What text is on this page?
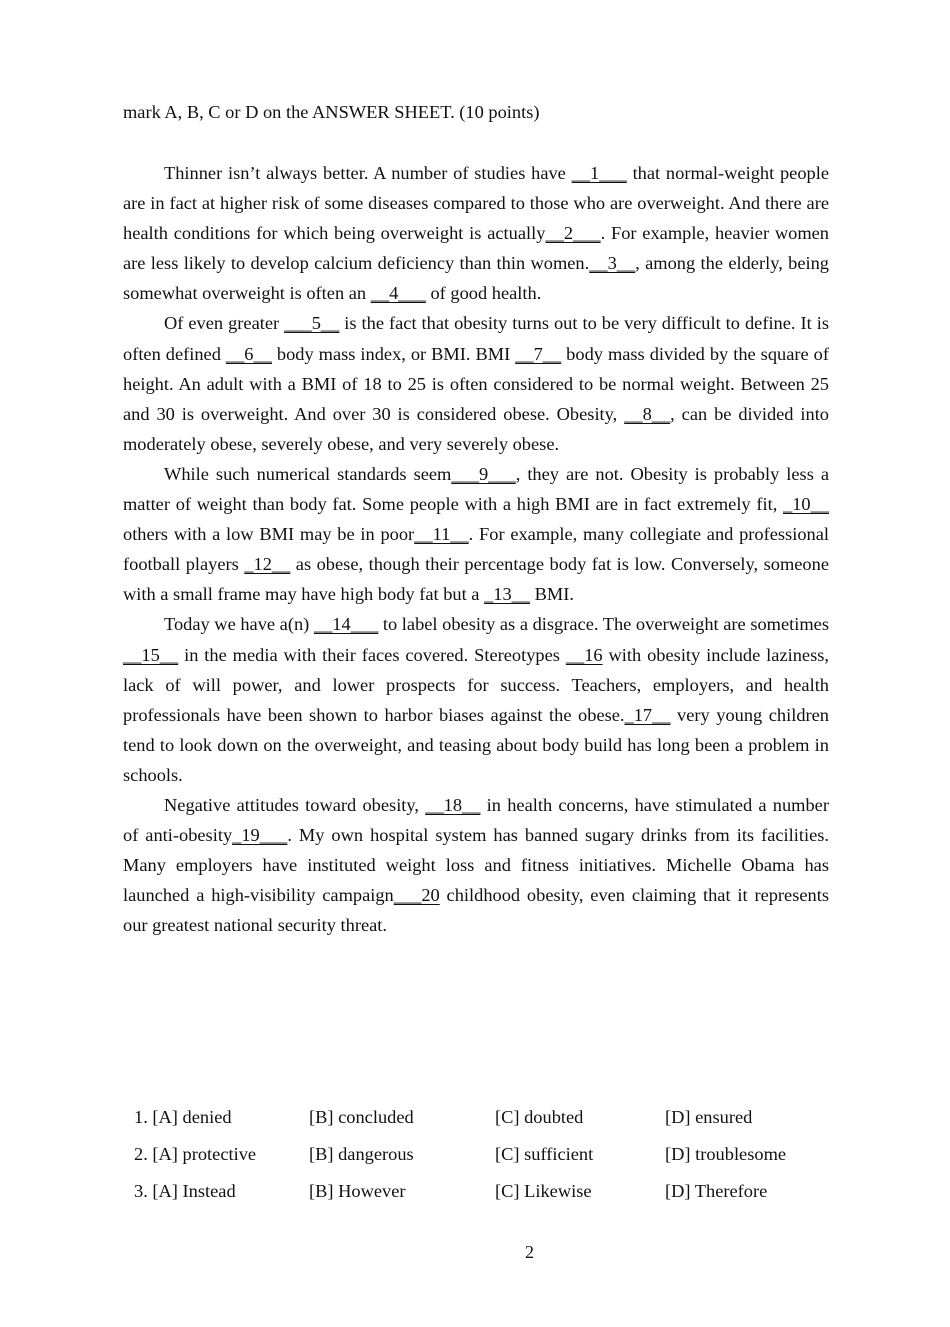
mark A, B, C or D on the ANSWER SHEET. (10 points)

Thinner isn’t always better. A number of studies have __1___ that normal-weight people are in fact at higher risk of some diseases compared to those who are overweight. And there are health conditions for which being overweight is actually__2___. For example, heavier women are less likely to develop calcium deficiency than thin women.__3__, among the elderly, being somewhat overweight is often an __4___ of good health.

Of even greater ___5__ is the fact that obesity turns out to be very difficult to define. It is often defined __6__ body mass index, or BMI. BMI __7__ body mass divided by the square of height. An adult with a BMI of 18 to 25 is often considered to be normal weight. Between 25 and 30 is overweight. And over 30 is considered obese. Obesity, __8__, can be divided into moderately obese, severely obese, and very severely obese.

While such numerical standards seem___9___, they are not. Obesity is probably less a matter of weight than body fat. Some people with a high BMI are in fact extremely fit, _10__ others with a low BMI may be in poor__11__. For example, many collegiate and professional football players _12__ as obese, though their percentage body fat is low. Conversely, someone with a small frame may have high body fat but a _13__ BMI.

Today we have a(n) __14___ to label obesity as a disgrace. The overweight are sometimes __15__ in the media with their faces covered. Stereotypes __16 with obesity include laziness, lack of will power, and lower prospects for success. Teachers, employers, and health professionals have been shown to harbor biases against the obese._17__ very young children tend to look down on the overweight, and teasing about body build has long been a problem in schools.

Negative attitudes toward obesity, __18__ in health concerns, have stimulated a number of anti-obesity_19___. My own hospital system has banned sugary drinks from its facilities. Many employers have instituted weight loss and fitness initiatives. Michelle Obama has launched a high-visibility campaign___20 childhood obesity, even claiming that it represents our greatest national security threat.

1. [A] denied	[B] concluded	[C] doubted	[D] ensured
2. [A] protective	[B] dangerous	[C] sufficient	[D] troublesome
3. [A] Instead	[B] However	[C] Likewise	[D] Therefore
2
